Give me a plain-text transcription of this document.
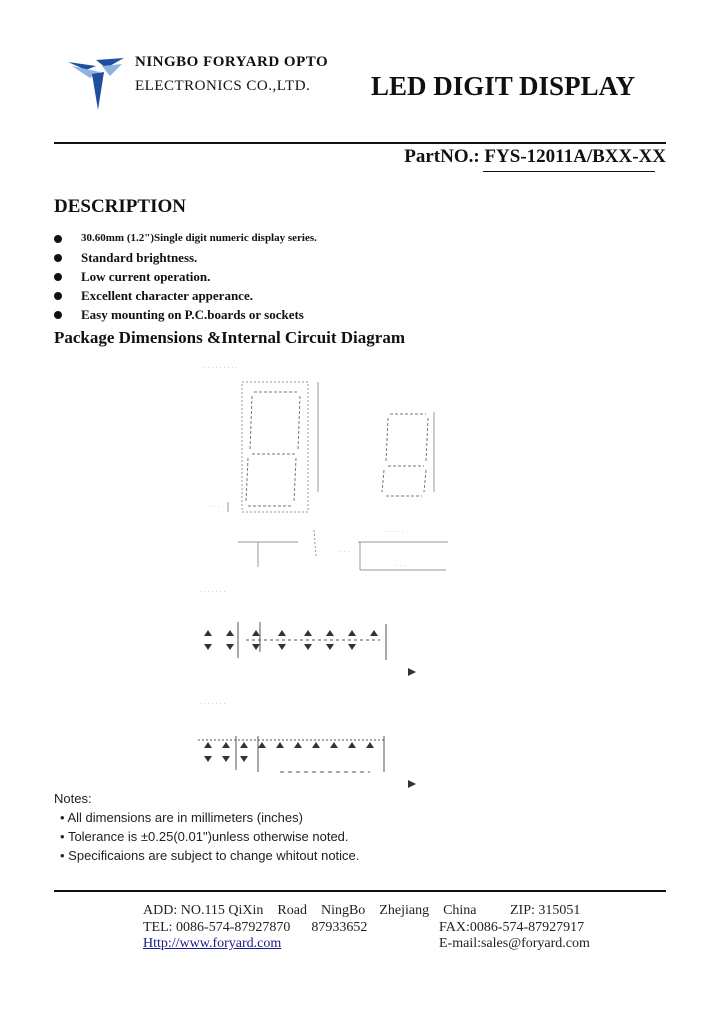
NINGBO FORYARD OPTO
ELECTRONICS CO.,LTD. LED DIGIT DISPLAY
PartNO.: FYS-12011A/BXX-XX
DESCRIPTION
30.60mm (1.2")Single digit numeric display series.
Standard brightness.
Low current operation.
Excellent character apperance.
Easy mounting on P.C.boards or sockets
Package Dimensions &Internal Circuit Diagram
. . . . . . . . .
. . .
. . .
. . . . .
. . .
. . . . . . .
. . . . . . .
Notes:
• All dimensions are in millimeters (inches)
• Tolerance is ±0.25(0.01")unless otherwise noted.
• Specificaions are subject to change whitout notice.
ADD: NO.115 QiXin    Road    NingBo    Zhejiang    China ZIP: 315051
TEL: 0086-574-87927870      87933652	FAX:0086-574-87927917
Http://www.foryard.com	E-mail:sales@foryard.com
